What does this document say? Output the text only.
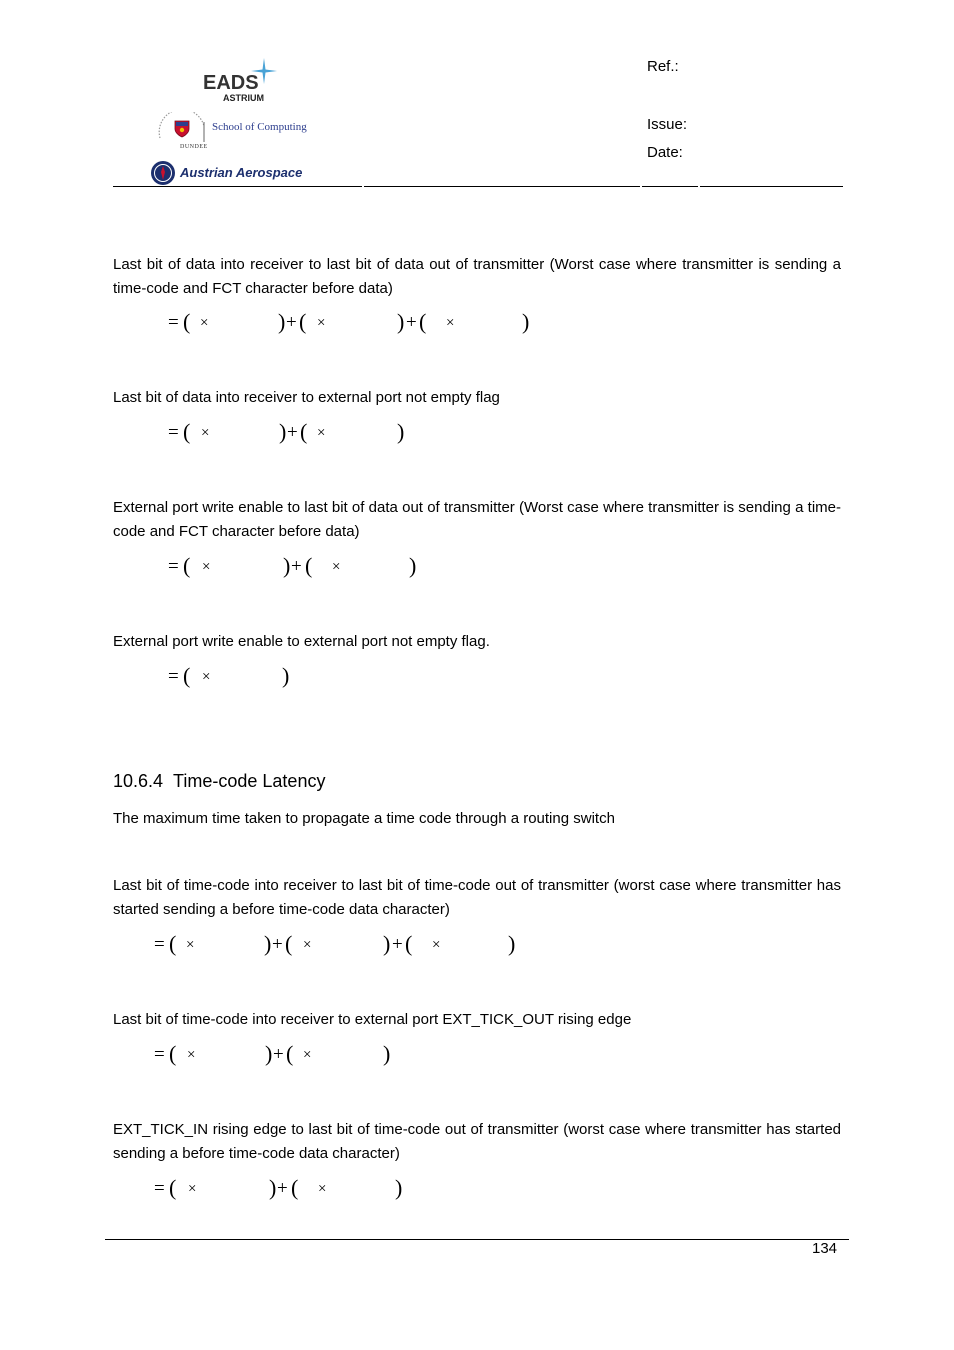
EADS
ASTRIUM
School of Computing
DUNDEE
Austrian Aerospace
Ref.:
Issue:
Date:
Last bit of data into receiver to last bit of data out of transmitter (Worst case where transmitter is sending a time-code and FCT character before data)
= ( ×	) + ( ×	) + ( ×	)
Last bit of data into receiver to external port not empty flag
= ( ×	) + ( ×	)
External port write enable to last bit of data out of transmitter (Worst case where transmitter is sending a time-code and FCT character before data)
= ( ×	) + ( ×	)
External port write enable to external port not empty flag.
= ( ×	)
10.6.4 Time-code Latency
The maximum time taken to propagate a time code through a routing switch
Last bit of time-code into receiver to last bit of time-code out of transmitter (worst case where transmitter has started sending a before time-code data character)
= ( ×	) + ( ×	) + ( ×	)
Last bit of time-code into receiver to external port EXT_TICK_OUT rising edge
= ( ×	) + ( ×	)
EXT_TICK_IN rising edge to last bit of time-code out of transmitter (worst case where transmitter has started sending a before time-code data character)
= ( ×	) + ( ×	)
134
